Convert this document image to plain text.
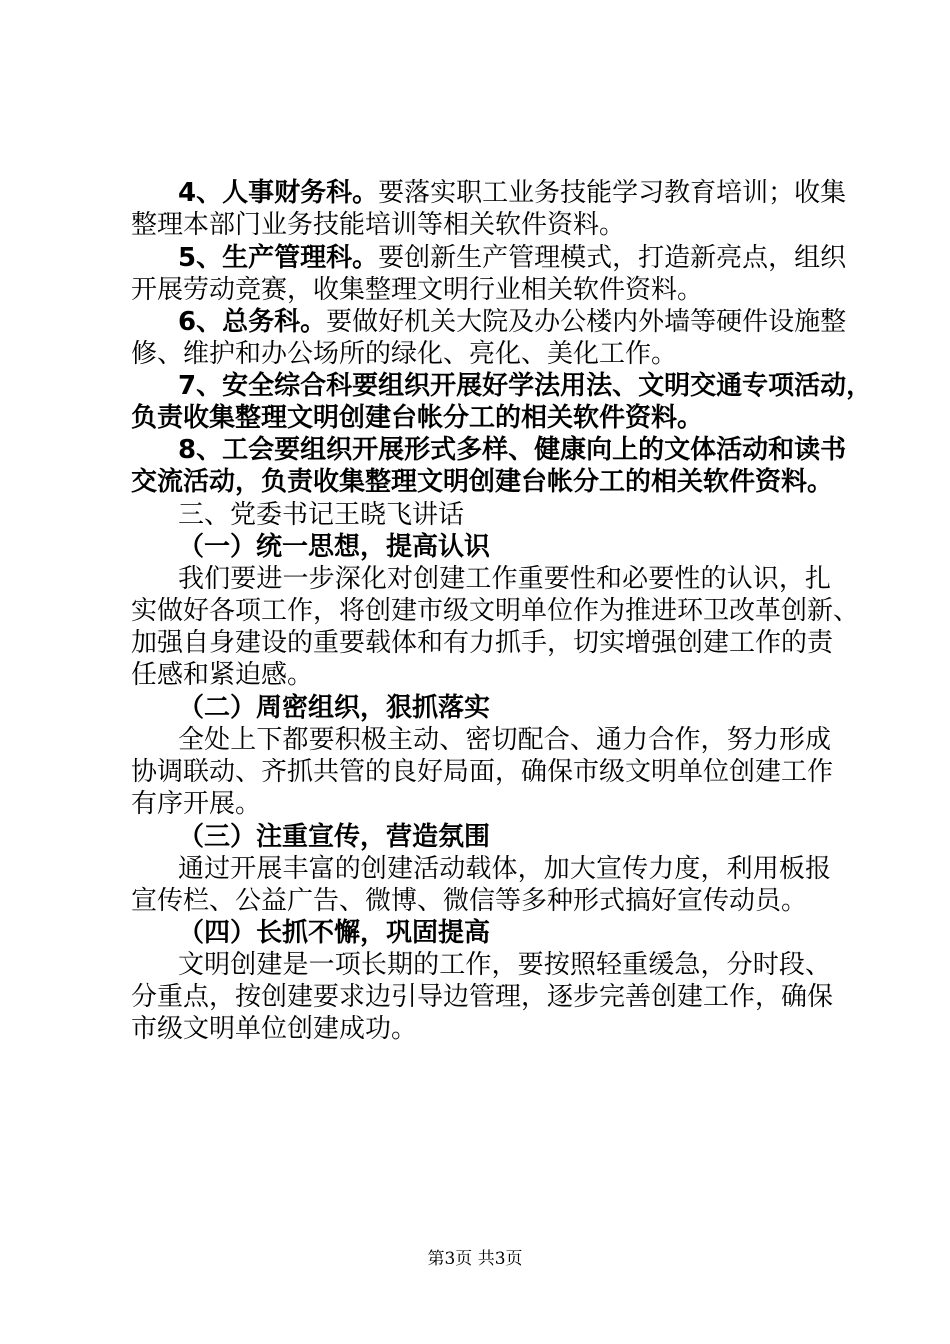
4、人事财务科。要落实职工业务技能学习教育培训；收集
整理本部门业务技能培训等相关软件资料。
5、生产管理科。要创新生产管理模式，打造新亮点，组织
开展劳动竞赛，收集整理文明行业相关软件资料。
6、总务科。要做好机关大院及办公楼内外墙等硬件设施整
修、维护和办公场所的绿化、亮化、美化工作。
7、安全综合科要组织开展好学法用法、文明交通专项活动，
负责收集整理文明创建台帐分工的相关软件资料。
8、工会要组织开展形式多样、健康向上的文体活动和读书
交流活动，负责收集整理文明创建台帐分工的相关软件资料。
三、党委书记王晓飞讲话
（一）统一思想，提高认识
我们要进一步深化对创建工作重要性和必要性的认识，扎
实做好各项工作，将创建市级文明单位作为推进环卫改革创新、
加强自身建设的重要载体和有力抓手，切实增强创建工作的责
任感和紧迫感。
（二）周密组织，狠抓落实
全处上下都要积极主动、密切配合、通力合作，努力形成
协调联动、齐抓共管的良好局面，确保市级文明单位创建工作
有序开展。
（三）注重宣传，营造氛围
通过开展丰富的创建活动载体，加大宣传力度，利用板报
宣传栏、公益广告、微博、微信等多种形式搞好宣传动员。
（四）长抓不懈，巩固提高
文明创建是一项长期的工作，要按照轻重缓急，分时段、
分重点，按创建要求边引导边管理，逐步完善创建工作，确保
市级文明单位创建成功。
第3页 共3页
